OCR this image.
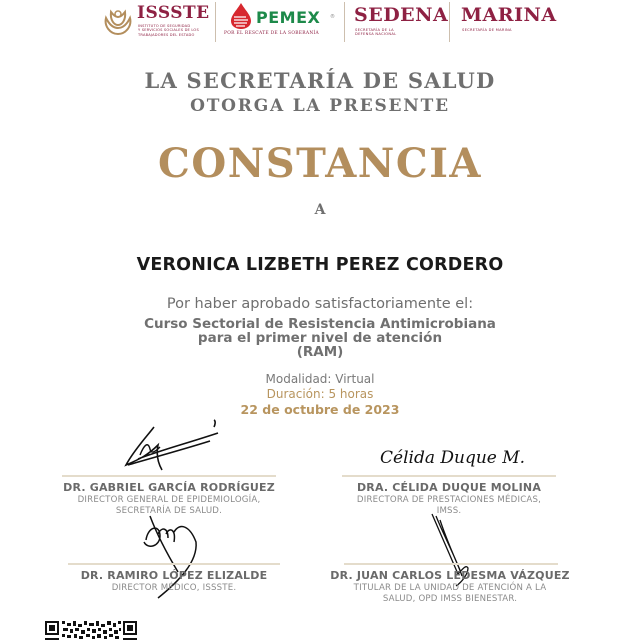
ISSSTE
INSTITUTO DE SEGURIDAD
Y SERVICIOS SOCIALES DE LOS
TRABAJADORES DEL ESTADO
PEMEX ®
POR EL RESCATE DE LA SOBERANÍA
SEDENA
SECRETARÍA DE LA
DEFENSA NACIONAL
MARINA
SECRETARÍA DE MARINA
LA SECRETARÍA DE SALUD
OTORGA LA PRESENTE
CONSTANCIA
A
VERONICA LIZBETH PEREZ CORDERO
Por haber aprobado satisfactoriamente el:
Curso Sectorial de Resistencia Antimicrobiana
para el primer nivel de atención
(RAM)
Modalidad: Virtual
Duración: 5 horas
22 de octubre de 2023
DR. GABRIEL GARCÍA RODRÍGUEZ
DIRECTOR GENERAL DE EPIDEMIOLOGÍA,
SECRETARÍA DE SALUD.
Célida Duque M.
DRA. CÉLIDA DUQUE MOLINA
DIRECTORA DE PRESTACIONES MÉDICAS,
IMSS.
DR. RAMIRO LÓPEZ ELIZALDE
DIRECTOR MÉDICO, ISSSTE.
DR. JUAN CARLOS LEDESMA VÁZQUEZ
TITULAR DE LA UNIDAD DE ATENCIÓN A LA
SALUD, OPD IMSS BIENESTAR.
